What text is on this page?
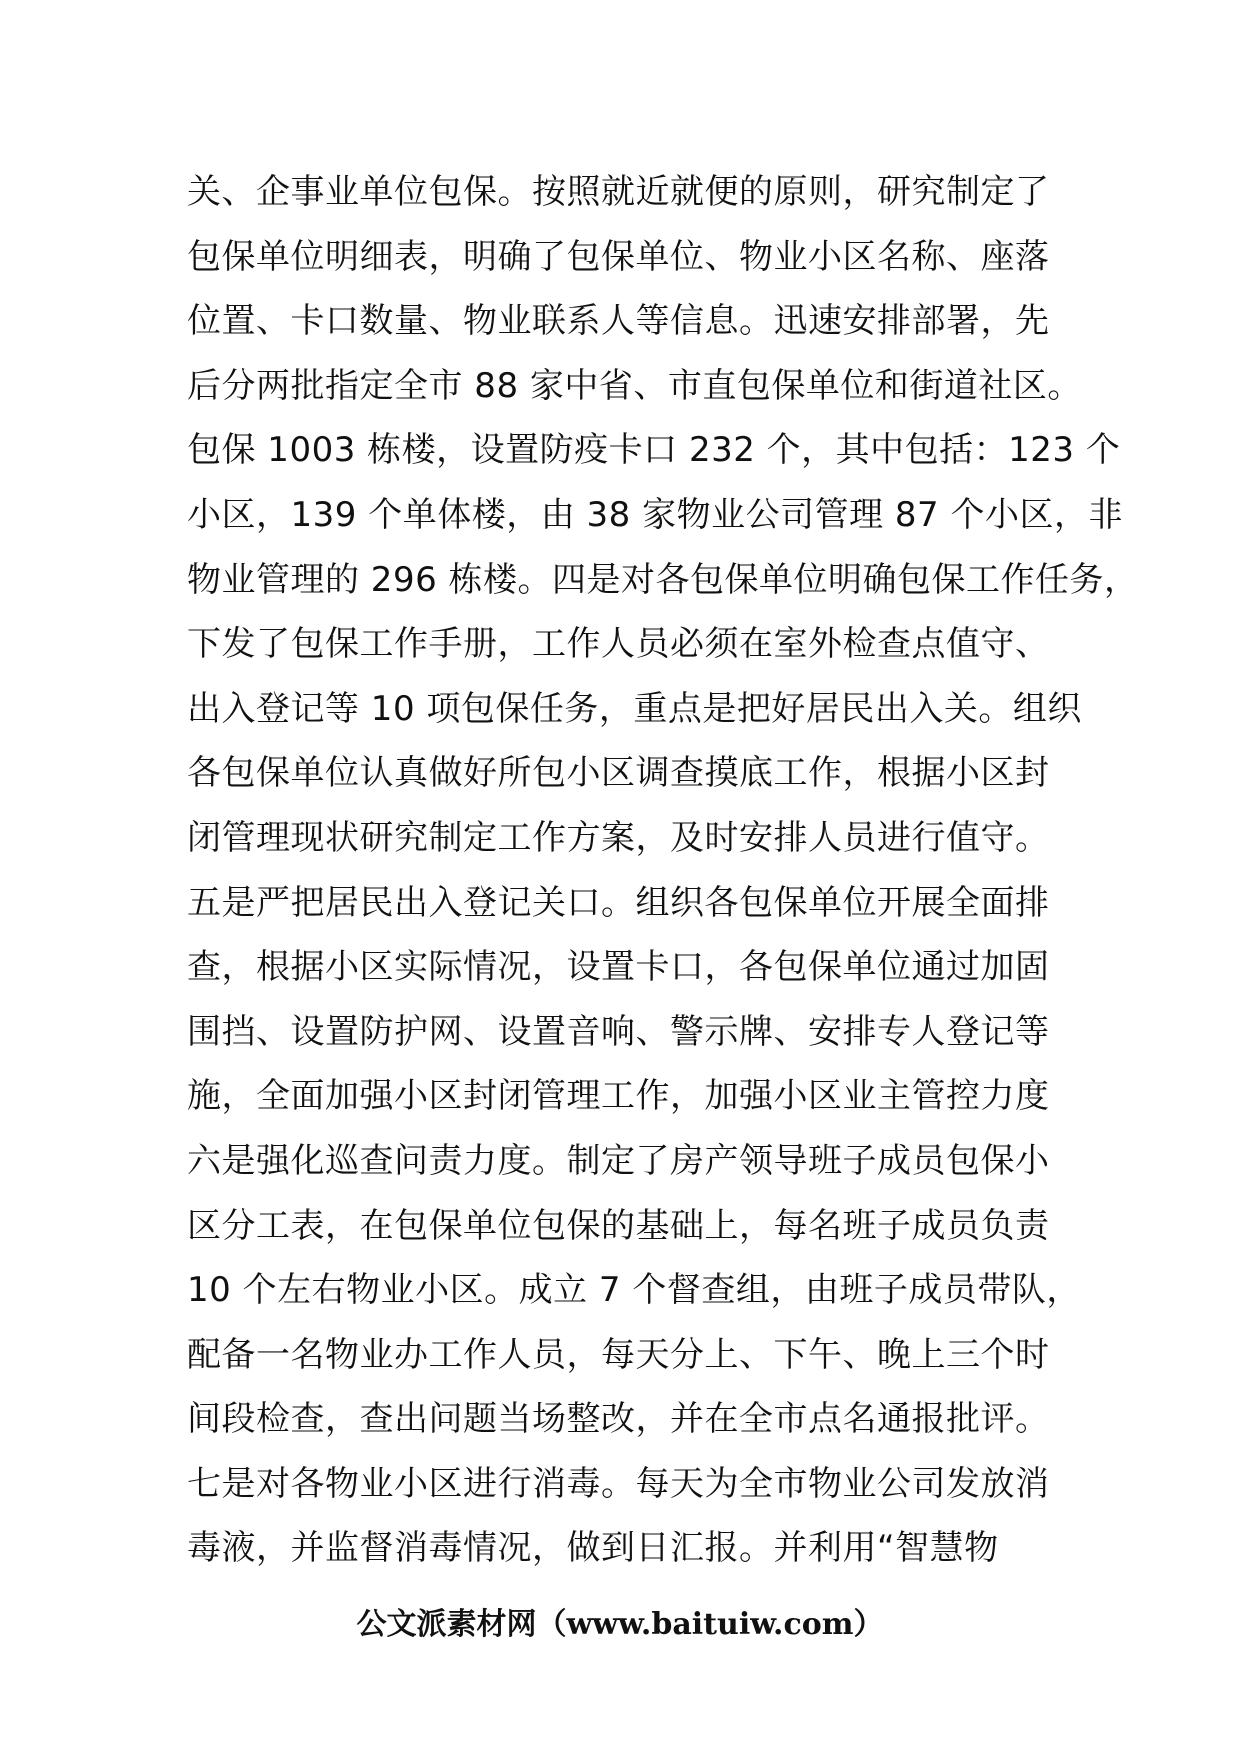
关、企事业单位包保。按照就近就便的原则，研究制定了
包保单位明细表，明确了包保单位、物业小区名称、座落
位置、卡口数量、物业联系人等信息。迅速安排部署，先
后分两批指定全市 88 家中省、市直包保单位和街道社区。
包保 1003 栋楼，设置防疫卡口 232 个，其中包括：123 个
小区，139 个单体楼，由 38 家物业公司管理 87 个小区，非
物业管理的 296 栋楼。四是对各包保单位明确包保工作任务，
下发了包保工作手册，工作人员必须在室外检查点值守、
出入登记等 10 项包保任务，重点是把好居民出入关。组织
各包保单位认真做好所包小区调查摸底工作，根据小区封
闭管理现状研究制定工作方案，及时安排人员进行值守。
五是严把居民出入登记关口。组织各包保单位开展全面排
查，根据小区实际情况，设置卡口，各包保单位通过加固
围挡、设置防护网、设置音响、警示牌、安排专人登记等
施，全面加强小区封闭管理工作，加强小区业主管控力度
六是强化巡查问责力度。制定了房产领导班子成员包保小
区分工表，在包保单位包保的基础上，每名班子成员负责
10 个左右物业小区。成立 7 个督查组，由班子成员带队，
配备一名物业办工作人员，每天分上、下午、晚上三个时
间段检查，查出问题当场整改，并在全市点名通报批评。
七是对各物业小区进行消毒。每天为全市物业公司发放消
毒液，并监督消毒情况，做到日汇报。并利用“智慧物
公文派素材网（www.baituiw.com）
